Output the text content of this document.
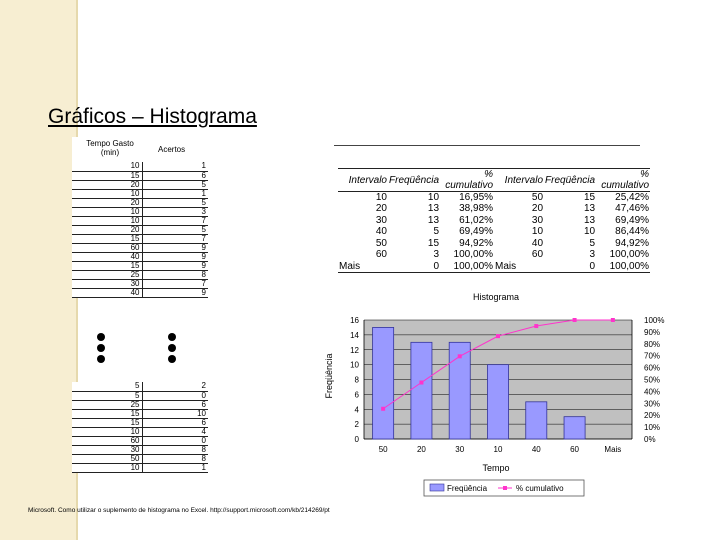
Gráficos – Histograma
Tempo Gasto (min)	Acertos
10	1
15	6
20	5
10	1
20	5
10	3
10	7
20	5
15	7
60	9
40	9
15	9
25	8
30	7
40	9
5	2
5	0
25	6
15	10
15	6
10	4
60	0
30	8
50	8
10	1
Intervalo	Freqüência	% cumulativo	Intervalo	Freqüência	% cumulativo
10	10	16,95%	50	15	25,42%
20	13	38,98%	20	13	47,46%
30	13	61,02%	30	13	69,49%
40	5	69,49%	10	10	86,44%
50	15	94,92%	40	5	94,92%
60	3	100,00%	60	3	100,00%
Mais	0	100,00%	Mais	0	100,00%
Histograma
Freqüência
Tempo
0
2
4
6
8
10
12
14
16
0%
10%
20%
30%
40%
50%
60%
70%
80%
90%
100%
50	20	30	10	40	60	Mais
Freqüência	% cumulativo
Microsoft. Como utilizar o suplemento de histograma no Excel. http://support.microsoft.com/kb/214269/pt
